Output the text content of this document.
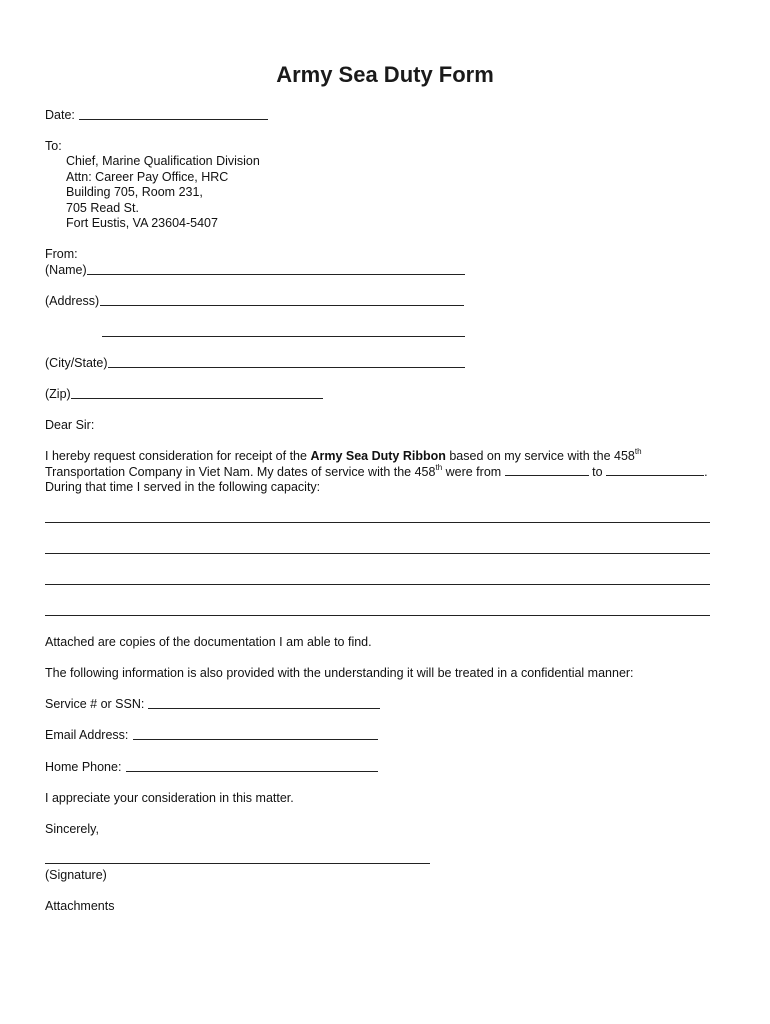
Army Sea Duty Form
Date:
To:
Chief, Marine Qualification Division
Attn: Career Pay Office, HRC
Building 705, Room 231,
705 Read St.
Fort Eustis, VA 23604-5407
From:
(Name)
(Address)
(City/State)
(Zip)
Dear Sir:
I hereby request consideration for receipt of the Army Sea Duty Ribbon based on my service with the 458th
Transportation Company in Viet Nam. My dates of service with the 458th were from	to	.
During that time I served in the following capacity:
Attached are copies of the documentation I am able to find.
The following information is also provided with the understanding it will be treated in a confidential manner:
Service # or SSN:
Email Address:
Home Phone:
I appreciate your consideration in this matter.
Sincerely,
(Signature)
Attachments
